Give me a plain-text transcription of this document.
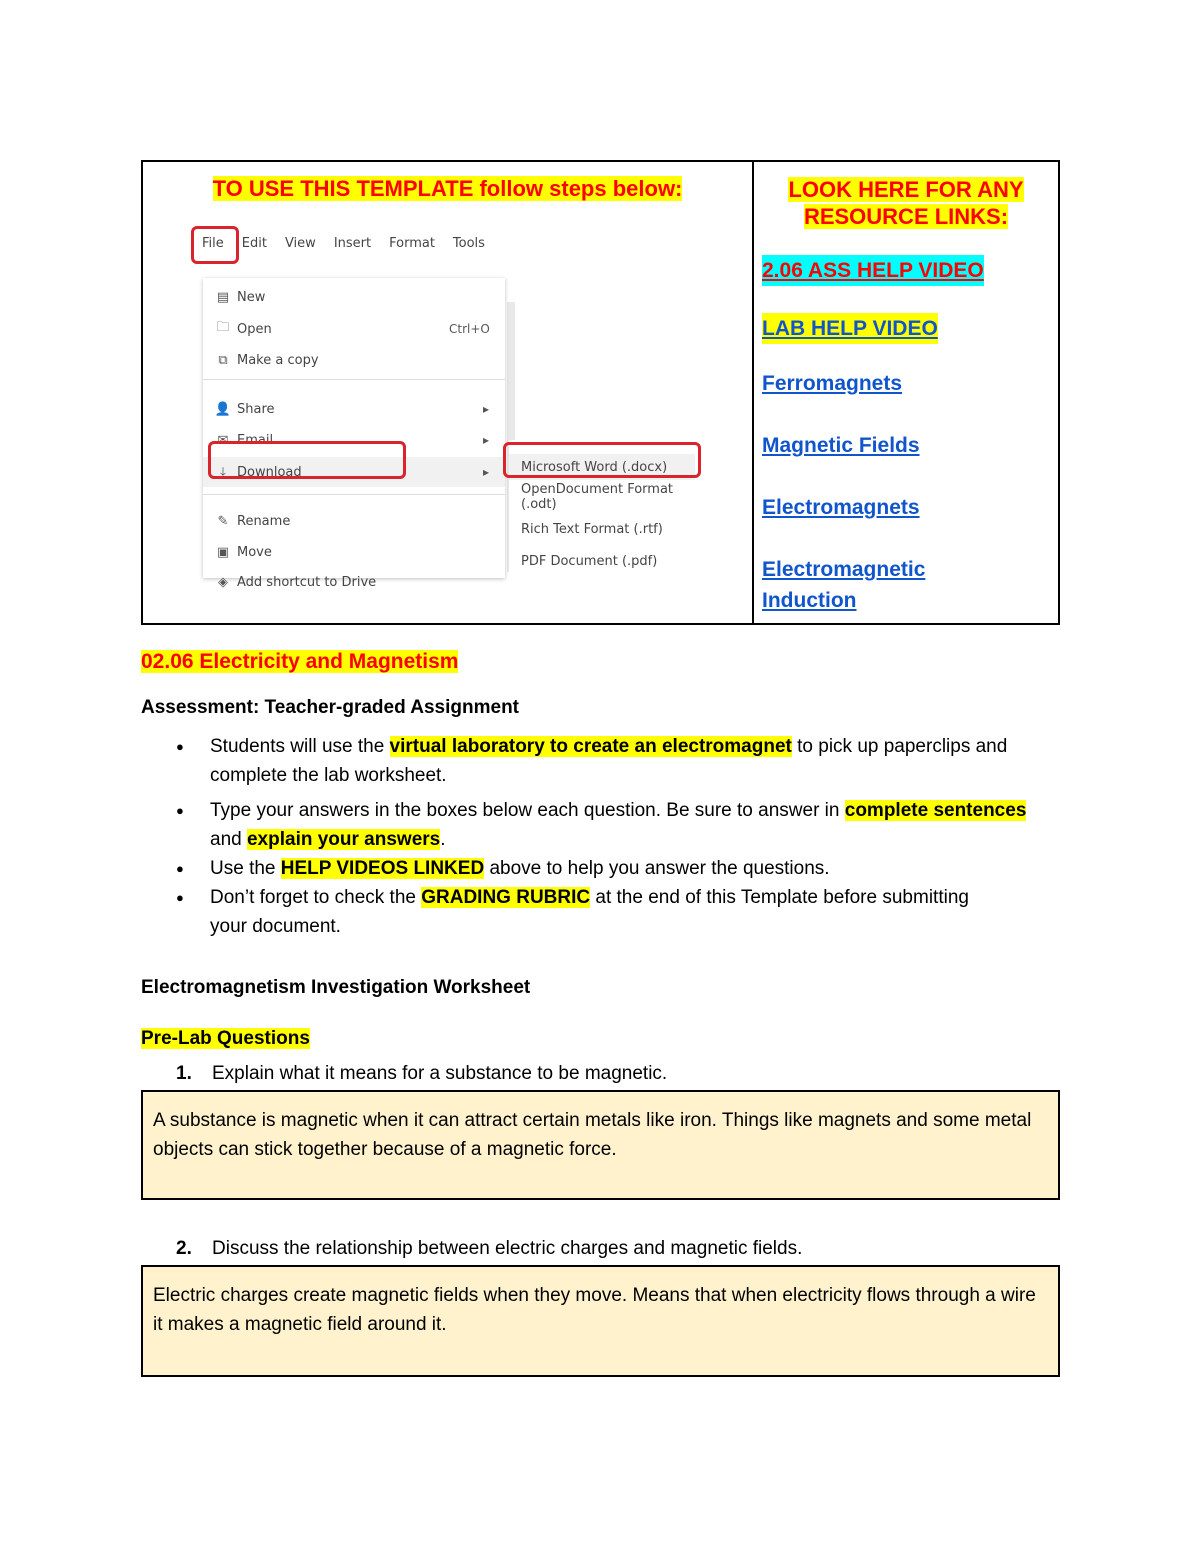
TO USE THIS TEMPLATE follow steps below:
File Edit View Insert Format Tools
▤ New
🗀 Open	Ctrl+O
⧉ Make a copy
👤 Share	▸
✉ Email	▸
⤓ Download	▸
✎ Rename
▣ Move
◈ Add shortcut to Drive
Microsoft Word (.docx)
OpenDocument Format (.odt)
Rich Text Format (.rtf)
PDF Document (.pdf)
LOOK HERE FOR ANY RESOURCE LINKS:
2.06 ASS HELP VIDEO
LAB HELP VIDEO
Ferromagnets
Magnetic Fields
Electromagnets
Electromagnetic Induction
02.06 Electricity and Magnetism
Assessment: Teacher-graded Assignment
● Students will use the virtual laboratory to create an electromagnet to pick up paperclips and complete the lab worksheet.
● Type your answers in the boxes below each question. Be sure to answer in complete sentences and explain your answers.
● Use the HELP VIDEOS LINKED above to help you answer the questions.
● Don’t forget to check the GRADING RUBRIC at the end of this Template before submitting your document.
Electromagnetism Investigation Worksheet
Pre-Lab Questions
1. Explain what it means for a substance to be magnetic.
A substance is magnetic when it can attract certain metals like iron. Things like magnets and some metal objects can stick together because of a magnetic force.
2. Discuss the relationship between electric charges and magnetic fields.
Electric charges create magnetic fields when they move. Means that when electricity flows through a wire it makes a magnetic field around it.
